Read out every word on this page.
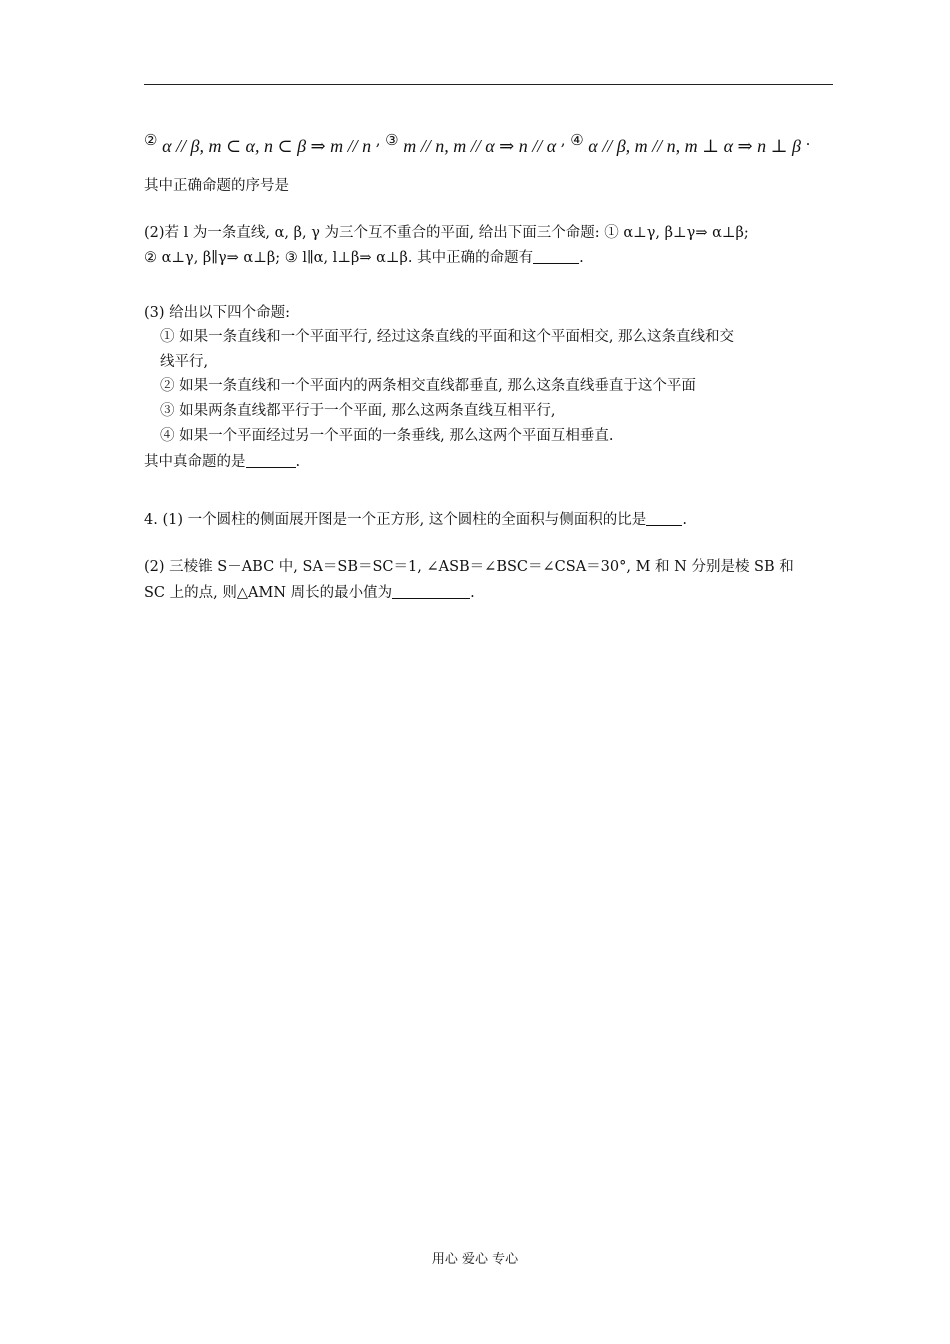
② α // β, m ⊂ α, n ⊂ β ⇒ m // n , ③ m // n, m // α ⇒ n // α , ④ α // β, m // n, m ⊥ α ⇒ n ⊥ β .
其中正确命题的序号是
(2)若 l 为一条直线, α, β, γ 为三个互不重合的平面, 给出下面三个命题: ① α⊥γ, β⊥γ⇒ α⊥β;
② α⊥γ, β∥γ⇒ α⊥β; ③ l∥α, l⊥β⇒ α⊥β. 其中正确的命题有	.
(3) 给出以下四个命题:
① 如果一条直线和一个平面平行, 经过这条直线的平面和这个平面相交, 那么这条直线和交
线平行,
② 如果一条直线和一个平面内的两条相交直线都垂直, 那么这条直线垂直于这个平面
③ 如果两条直线都平行于一个平面, 那么这两条直线互相平行,
④ 如果一个平面经过另一个平面的一条垂线, 那么这两个平面互相垂直.
其中真命题的是	.
4. (1) 一个圆柱的侧面展开图是一个正方形, 这个圆柱的全面积与侧面积的比是 .
(2) 三棱锥 S－ABC 中, SA＝SB＝SC＝1, ∠ASB＝∠BSC＝∠CSA＝30°, M 和 N 分别是棱 SB 和
SC 上的点, 则△AMN 周长的最小值为	.
用心 爱心 专心
